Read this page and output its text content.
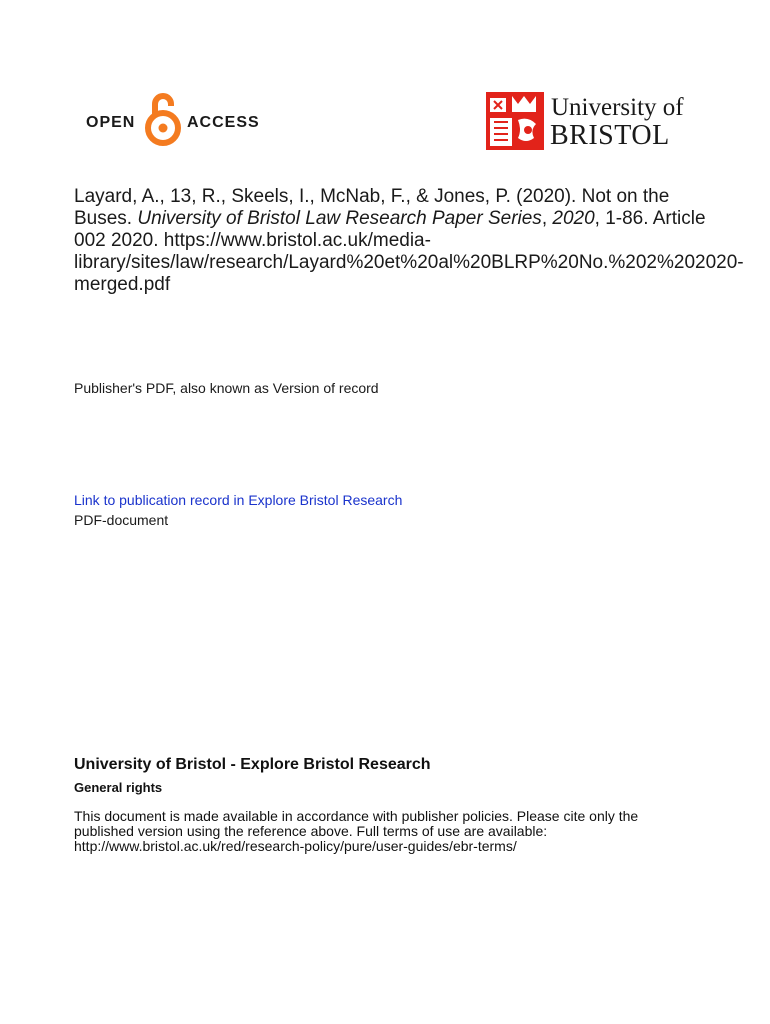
OPEN	ACCESS
University of
BRISTOL
Layard, A., 13, R., Skeels, I., McNab, F., & Jones, P. (2020). Not on the Buses. University of Bristol Law Research Paper Series, 2020, 1-86. Article 002 2020. https://www.bristol.ac.uk/media-library/sites/law/research/Layard%20et%20al%20BLRP%20No.%202%202020-merged.pdf
Publisher's PDF, also known as Version of record
Link to publication record in Explore Bristol Research
PDF-document
University of Bristol - Explore Bristol Research
General rights
This document is made available in accordance with publisher policies. Please cite only the
published version using the reference above. Full terms of use are available:
http://www.bristol.ac.uk/red/research-policy/pure/user-guides/ebr-terms/
